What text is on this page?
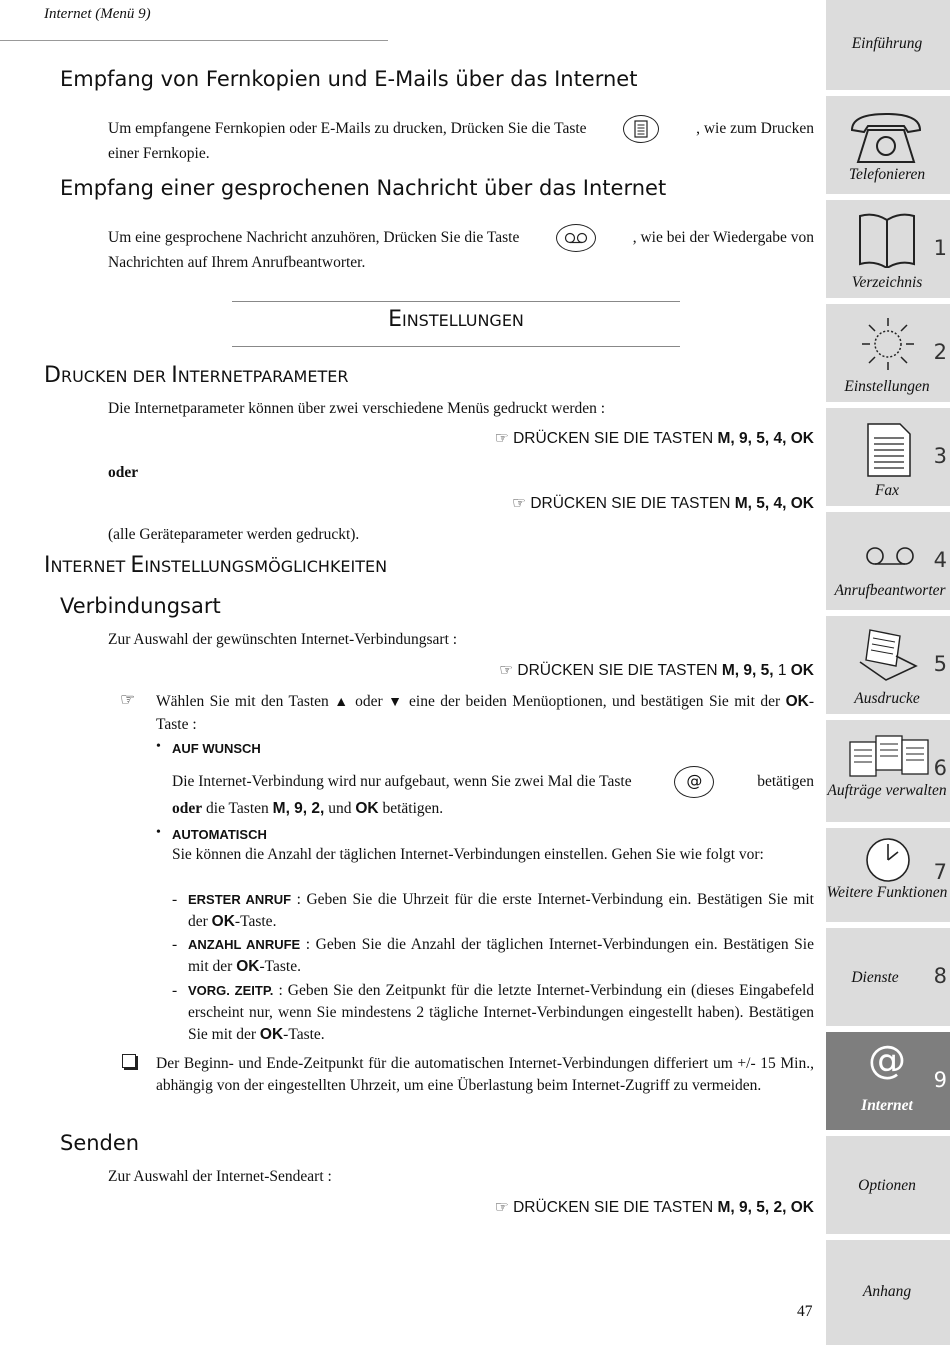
Internet (Menü 9)
Empfang von Fernkopien und E-Mails über das Internet
Um empfangene Fernkopien oder E-Mails zu drucken, Drücken Sie die Taste	, wie zum Drucken
einer Fernkopie.
Empfang einer gesprochenen Nachricht über das Internet
Um eine gesprochene Nachricht anzuhören, Drücken Sie die Taste	, wie bei der Wiedergabe von
Nachrichten auf Ihrem Anrufbeantworter.
EINSTELLUNGEN
DRUCKEN DER INTERNETPARAMETER
Die Internetparameter können über zwei verschiedene Menüs gedruckt werden :
☞ DRÜCKEN SIE DIE TASTEN M, 9, 5, 4, OK
oder
☞ DRÜCKEN SIE DIE TASTEN M, 5, 4, OK
(alle Geräteparameter werden gedruckt).
INTERNET EINSTELLUNGSMÖGLICHKEITEN
Verbindungsart
Zur Auswahl der gewünschten Internet-Verbindungsart :
☞ DRÜCKEN SIE DIE TASTEN M, 9, 5, 1 OK
☞ Wählen Sie mit den Tasten ▲ oder ▼ eine der beiden Menüoptionen, und bestätigen Sie mit der OK-Taste :
• AUF WUNSCH
Die Internet-Verbindung wird nur aufgebaut, wenn Sie zwei Mal die Taste	@	betätigen
oder die Tasten M, 9, 2, und OK betätigen.
• AUTOMATISCH
Sie können die Anzahl der täglichen Internet-Verbindungen einstellen. Gehen Sie wie folgt vor:
- ERSTER ANRUF : Geben Sie die Uhrzeit für die erste Internet-Verbindung ein. Bestätigen Sie mit der OK-Taste.
- ANZAHL ANRUFE : Geben Sie die Anzahl der täglichen Internet-Verbindungen ein. Bestätigen Sie mit der OK-Taste.
- VORG. ZEITP. : Geben Sie den Zeitpunkt für die letzte Internet-Verbindung ein (dieses Eingabefeld erscheint nur, wenn Sie mindestens 2 tägliche Internet-Verbindungen eingestellt haben). Bestätigen Sie mit der OK-Taste.
Der Beginn- und Ende-Zeitpunkt für die automatischen Internet-Verbindungen differiert um +/- 15 Min., abhängig von der eingestellten Uhrzeit, um eine Überlastung beim Internet-Zugriff zu vermeiden.
Senden
Zur Auswahl der Internet-Sendeart :
☞ DRÜCKEN SIE DIE TASTEN M, 9, 5, 2, OK
47
Einführung
Telefonieren
Verzeichnis
1
Einstellungen
2
Fax
3
Anrufbeantworter
4
Ausdrucke
5
Aufträge verwalten
6
Weitere Funktionen
7
Dienste	8
@
Internet
9
Optionen
Anhang
